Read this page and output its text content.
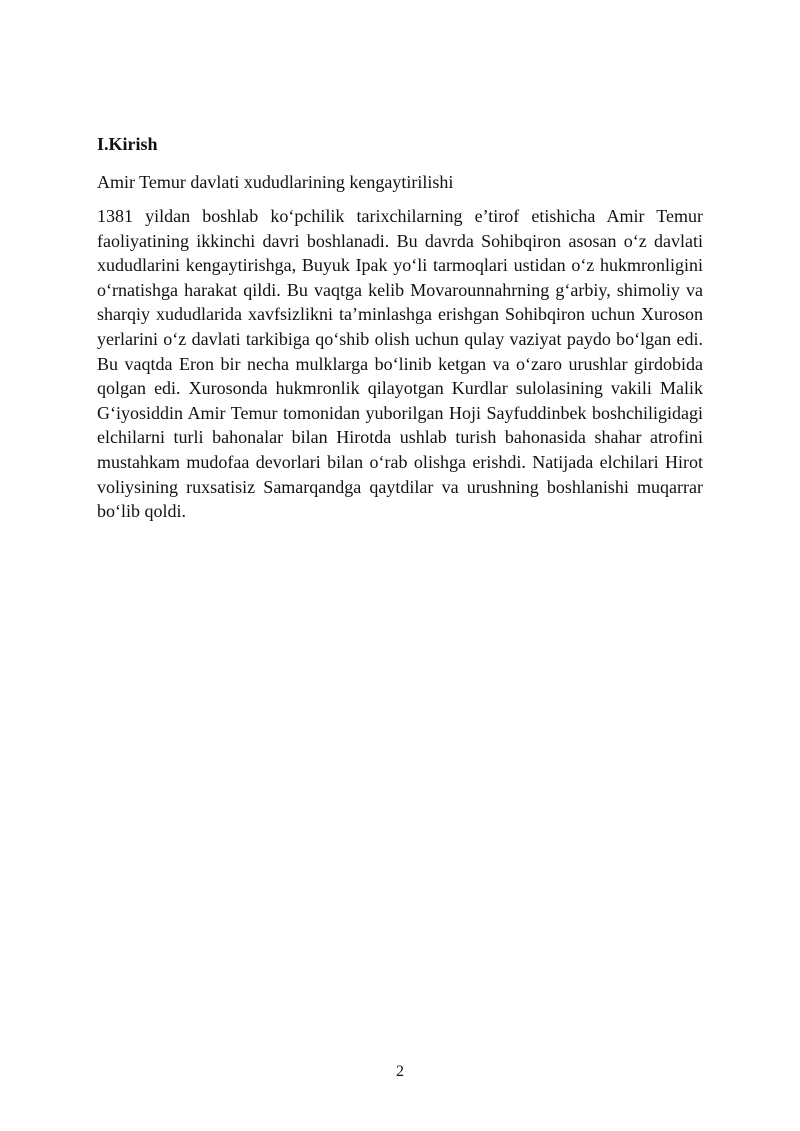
I.Kirish
Amir Temur davlati xududlarining kengaytirilishi

1381 yildan boshlab ko‘pchilik tarixchilarning e’tirof etishicha Amir Temur faoliyatining ikkinchi davri boshlanadi. Bu davrda Sohibqiron asosan o‘z davlati xududlarini kengaytirishga, Buyuk Ipak yo‘li tarmoqlari ustidan o‘z hukmronligini o‘rnatishga harakat qildi. Bu vaqtga kelib Movarounnahrning g‘arbiy, shimoliy va sharqiy xududlarida xavfsizlikni ta’minlashga erishgan Sohibqiron uchun Xuroson yerlarini o‘z davlati tarkibiga qo‘shib olish uchun qulay vaziyat paydo bo‘lgan edi. Bu vaqtda Eron bir necha mulklarga bo‘linib ketgan va o‘zaro urushlar girdobida qolgan edi. Xurosonda hukmronlik qilayotgan Kurdlar sulolasining vakili Malik G‘iyosiddin Amir Temur tomonidan yuborilgan Hoji Sayfuddinbek boshchiligidagi elchilarni turli bahonalar bilan Hirotda ushlab turish bahonasida shahar atrofini mustahkam mudofaa devorlari bilan o‘rab olishga erishdi. Natijada elchilari Hirot voliysining ruxsatisiz Samarqandga qaytdilar va urushning boshlanishi muqarrar bo‘lib qoldi.

2
